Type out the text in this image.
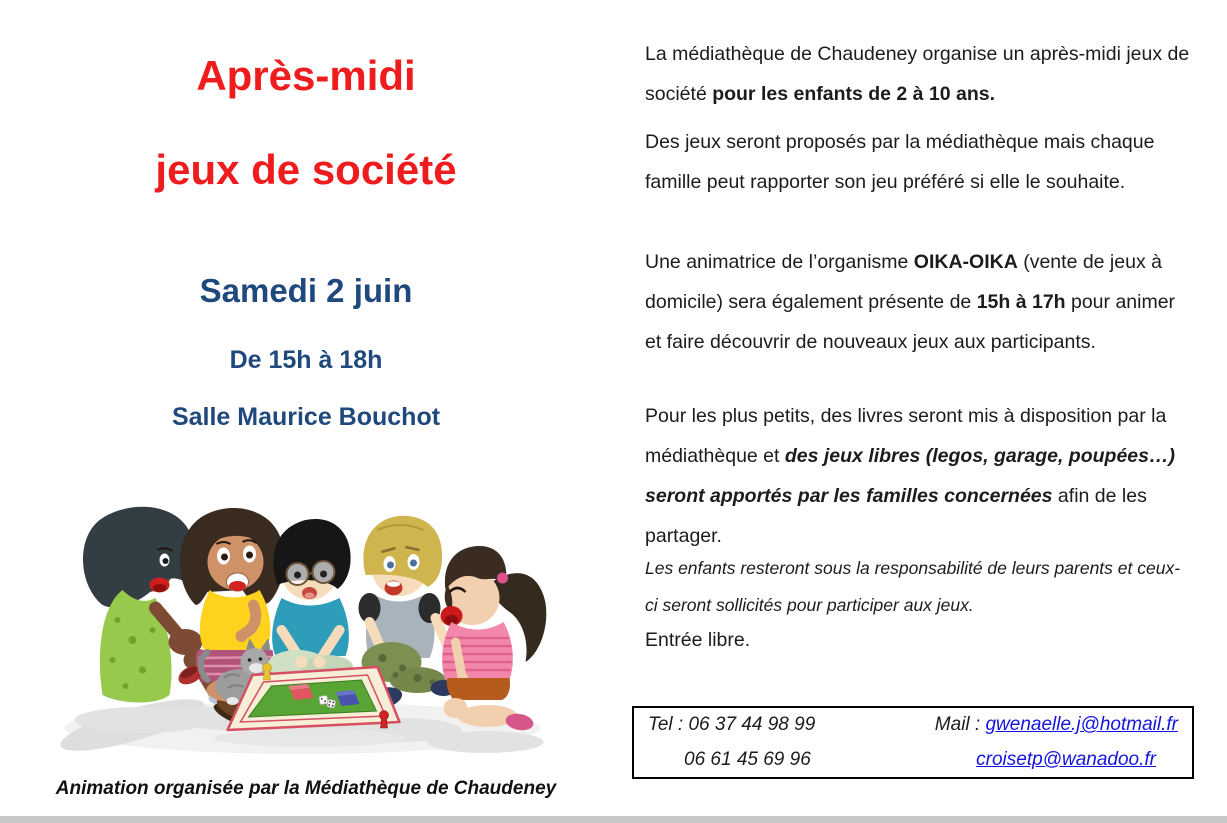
Après-midi
jeux de société
Samedi 2 juin
De 15h à 18h
Salle Maurice Bouchot
Animation organisée par la Médiathèque de Chaudeney

La médiathèque de Chaudeney organise un après-midi jeux de société pour les enfants de 2 à 10 ans.

Des jeux seront proposés par la médiathèque mais chaque famille peut rapporter son jeu préféré si elle le souhaite.

Une animatrice de l’organisme OIKA-OIKA (vente de jeux à domicile) sera également présente de 15h à 17h pour animer et faire découvrir de nouveaux jeux aux participants.

Pour les plus petits, des livres seront mis à disposition par la médiathèque et des jeux libres (legos, garage, poupées…) seront apportés par les familles concernées afin de les partager.

Les enfants resteront sous la responsabilité de leurs parents et ceux-ci seront sollicités pour participer aux jeux.

Entrée libre.

Tel : 06 37 44 98 99	Mail : gwenaelle.j@hotmail.fr
06 61 45 69 96	croisetp@wanadoo.fr
